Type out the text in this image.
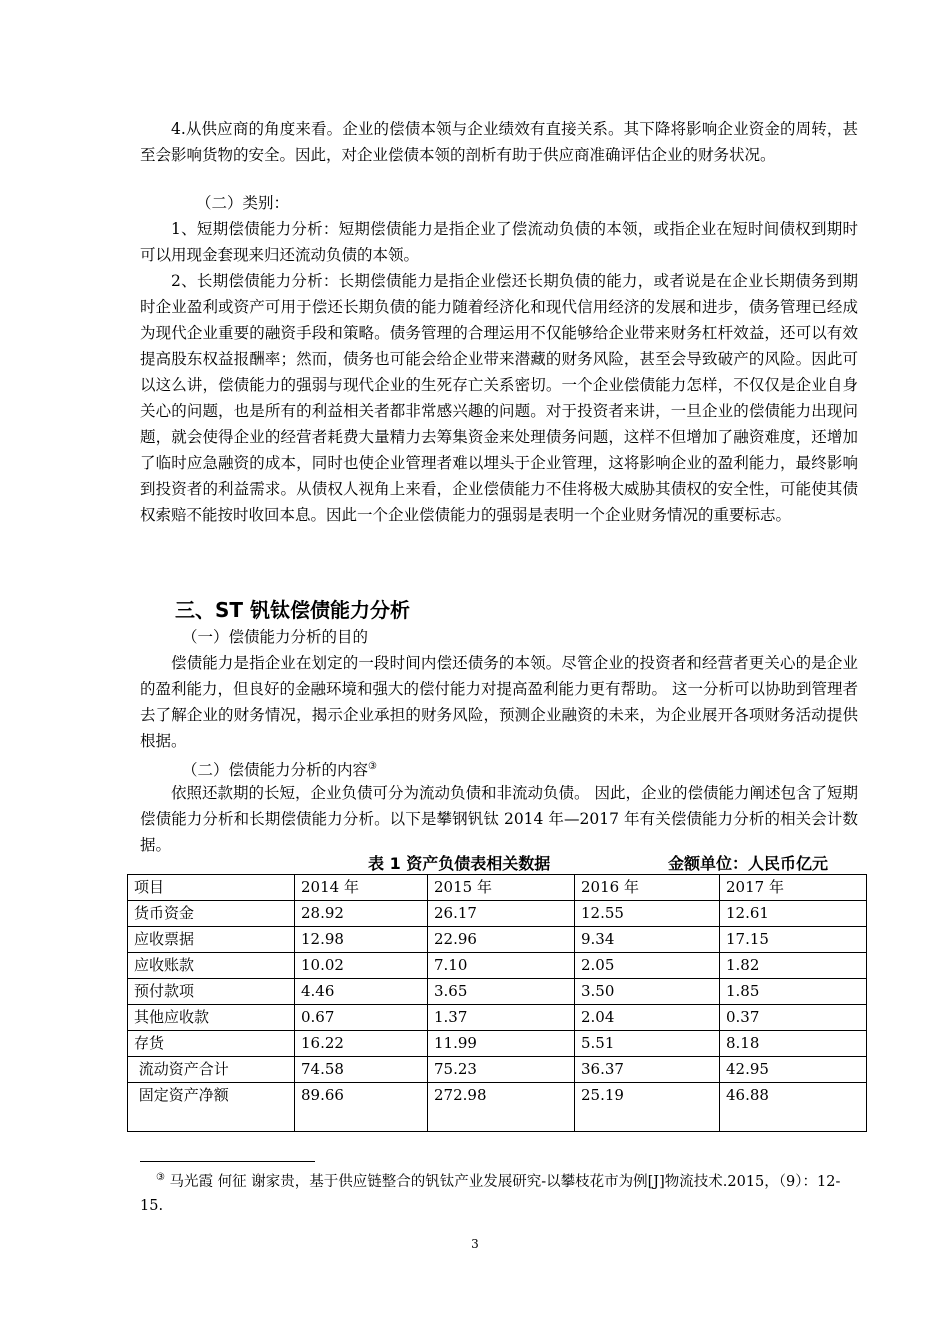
4.从供应商的角度来看。企业的偿债本领与企业绩效有直接关系。其下降将影响企业资金的周转，甚至会影响货物的安全。因此，对企业偿债本领的剖析有助于供应商准确评估企业的财务状况。

（二）类别：

1、短期偿债能力分析：短期偿债能力是指企业了偿流动负债的本领，或指企业在短时间债权到期时可以用现金套现来归还流动负债的本领。

2、长期偿债能力分析：长期偿债能力是指企业偿还长期负债的能力，或者说是在企业长期债务到期时企业盈利或资产可用于偿还长期负债的能力随着经济化和现代信用经济的发展和进步，债务管理已经成为现代企业重要的融资手段和策略。债务管理的合理运用不仅能够给企业带来财务杠杆效益，还可以有效提高股东权益报酬率；然而，债务也可能会给企业带来潜藏的财务风险，甚至会导致破产的风险。因此可以这么讲，偿债能力的强弱与现代企业的生死存亡关系密切。一个企业偿债能力怎样，不仅仅是企业自身关心的问题，也是所有的利益相关者都非常感兴趣的问题。对于投资者来讲，一旦企业的偿债能力出现问题，就会使得企业的经营者耗费大量精力去筹集资金来处理债务问题，这样不但增加了融资难度，还增加了临时应急融资的成本，同时也使企业管理者难以埋头于企业管理，这将影响企业的盈利能力，最终影响到投资者的利益需求。从债权人视角上来看，企业偿债能力不佳将极大威胁其债权的安全性，可能使其债权索赔不能按时收回本息。因此一个企业偿债能力的强弱是表明一个企业财务情况的重要标志。

三、ST 钒钛偿债能力分析
（一）偿债能力分析的目的

偿债能力是指企业在划定的一段时间内偿还债务的本领。尽管企业的投资者和经营者更关心的是企业的盈利能力，但良好的金融环境和强大的偿付能力对提高盈利能力更有帮助。 这一分析可以协助到管理者去了解企业的财务情况，揭示企业承担的财务风险，预测企业融资的未来，为企业展开各项财务活动提供根据。

（二）偿债能力分析的内容③

依照还款期的长短，企业负债可分为流动负债和非流动负债。 因此，企业的偿债能力阐述包含了短期偿债能力分析和长期偿债能力分析。以下是攀钢钒钛 2014 年—2017 年有关偿债能力分析的相关会计数据。

表 1 资产负债表相关数据	金额单位：人民币亿元
项目	2014 年	2015 年	2016 年	2017 年
货币资金	28.92	26.17	12.55	12.61
应收票据	12.98	22.96	9.34	17.15
应收账款	10.02	7.10	2.05	1.82
预付款项	4.46	3.65	3.50	1.85
其他应收款	0.67	1.37	2.04	0.37
存货	16.22	11.99	5.51	8.18
流动资产合计	74.58	75.23	36.37	42.95
固定资产净额	89.66	272.98	25.19	46.88

③ 马光霞 何征 谢家贵，基于供应链整合的钒钛产业发展研究-以攀枝花市为例[J]物流技术.2015，（9）：12-15.

3
